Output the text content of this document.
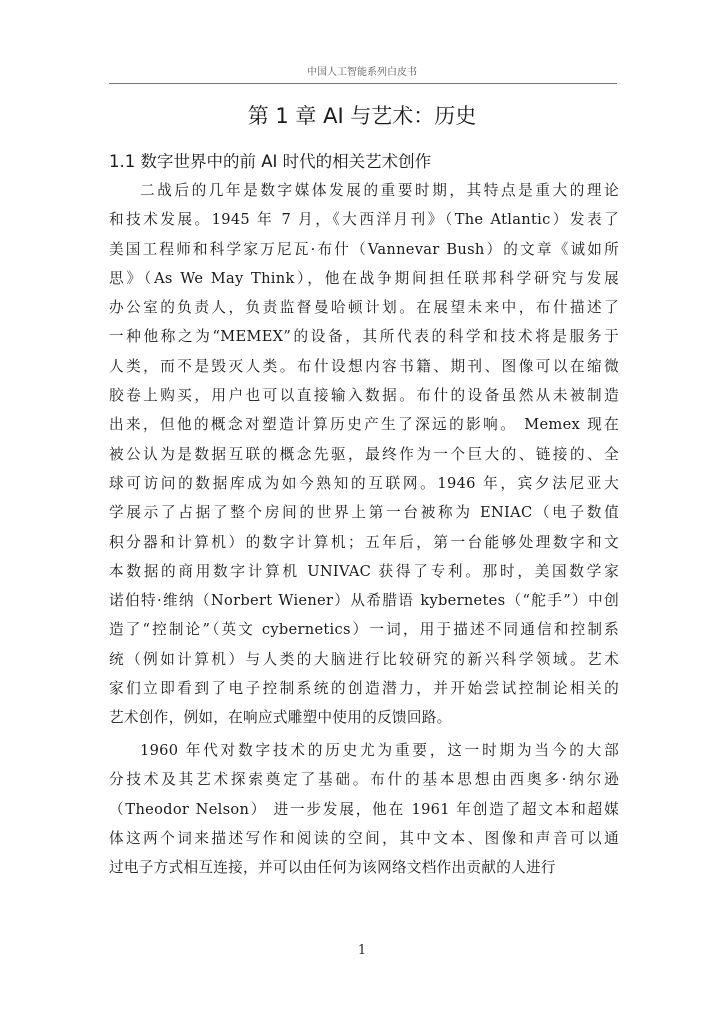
中国人工智能系列白皮书
第 1 章 AI 与艺术：历史
1.1 数字世界中的前 AI 时代的相关艺术创作
二战后的几年是数字媒体发展的重要时期，其特点是重大的理论
和技术发展。1945 年 7 月，《大西洋月刊》（The Atlantic）发表了
美国工程师和科学家万尼瓦·布什（Vannevar Bush）的文章《诚如所
思》（As We May Think），他在战争期间担任联邦科学研究与发展
办公室的负责人，负责监督曼哈顿计划。在展望未来中，布什描述了
一种他称之为“MEMEX”的设备，其所代表的科学和技术将是服务于
人类，而不是毁灭人类。布什设想内容书籍、期刊、图像可以在缩微
胶卷上购买，用户也可以直接输入数据。布什的设备虽然从未被制造
出来，但他的概念对塑造计算历史产生了深远的影响。 Memex 现在
被公认为是数据互联的概念先驱，最终作为一个巨大的、链接的、全
球可访问的数据库成为如今熟知的互联网。1946 年，宾夕法尼亚大
学展示了占据了整个房间的世界上第一台被称为 ENIAC（电子数值
积分器和计算机）的数字计算机；五年后，第一台能够处理数字和文
本数据的商用数字计算机 UNIVAC 获得了专利。那时，美国数学家
诺伯特·维纳（Norbert Wiener）从希腊语 kybernetes（“舵手”）中创
造了“控制论”（英文 cybernetics）一词，用于描述不同通信和控制系
统（例如计算机）与人类的大脑进行比较研究的新兴科学领域。艺术
家们立即看到了电子控制系统的创造潜力，并开始尝试控制论相关的
艺术创作，例如，在响应式雕塑中使用的反馈回路。
1960 年代对数字技术的历史尤为重要，这一时期为当今的大部
分技术及其艺术探索奠定了基础。布什的基本思想由西奥多·纳尔逊
（Theodor Nelson） 进一步发展，他在 1961 年创造了超文本和超媒
体这两个词来描述写作和阅读的空间，其中文本、图像和声音可以通
过电子方式相互连接，并可以由任何为该网络文档作出贡献的人进行
1
